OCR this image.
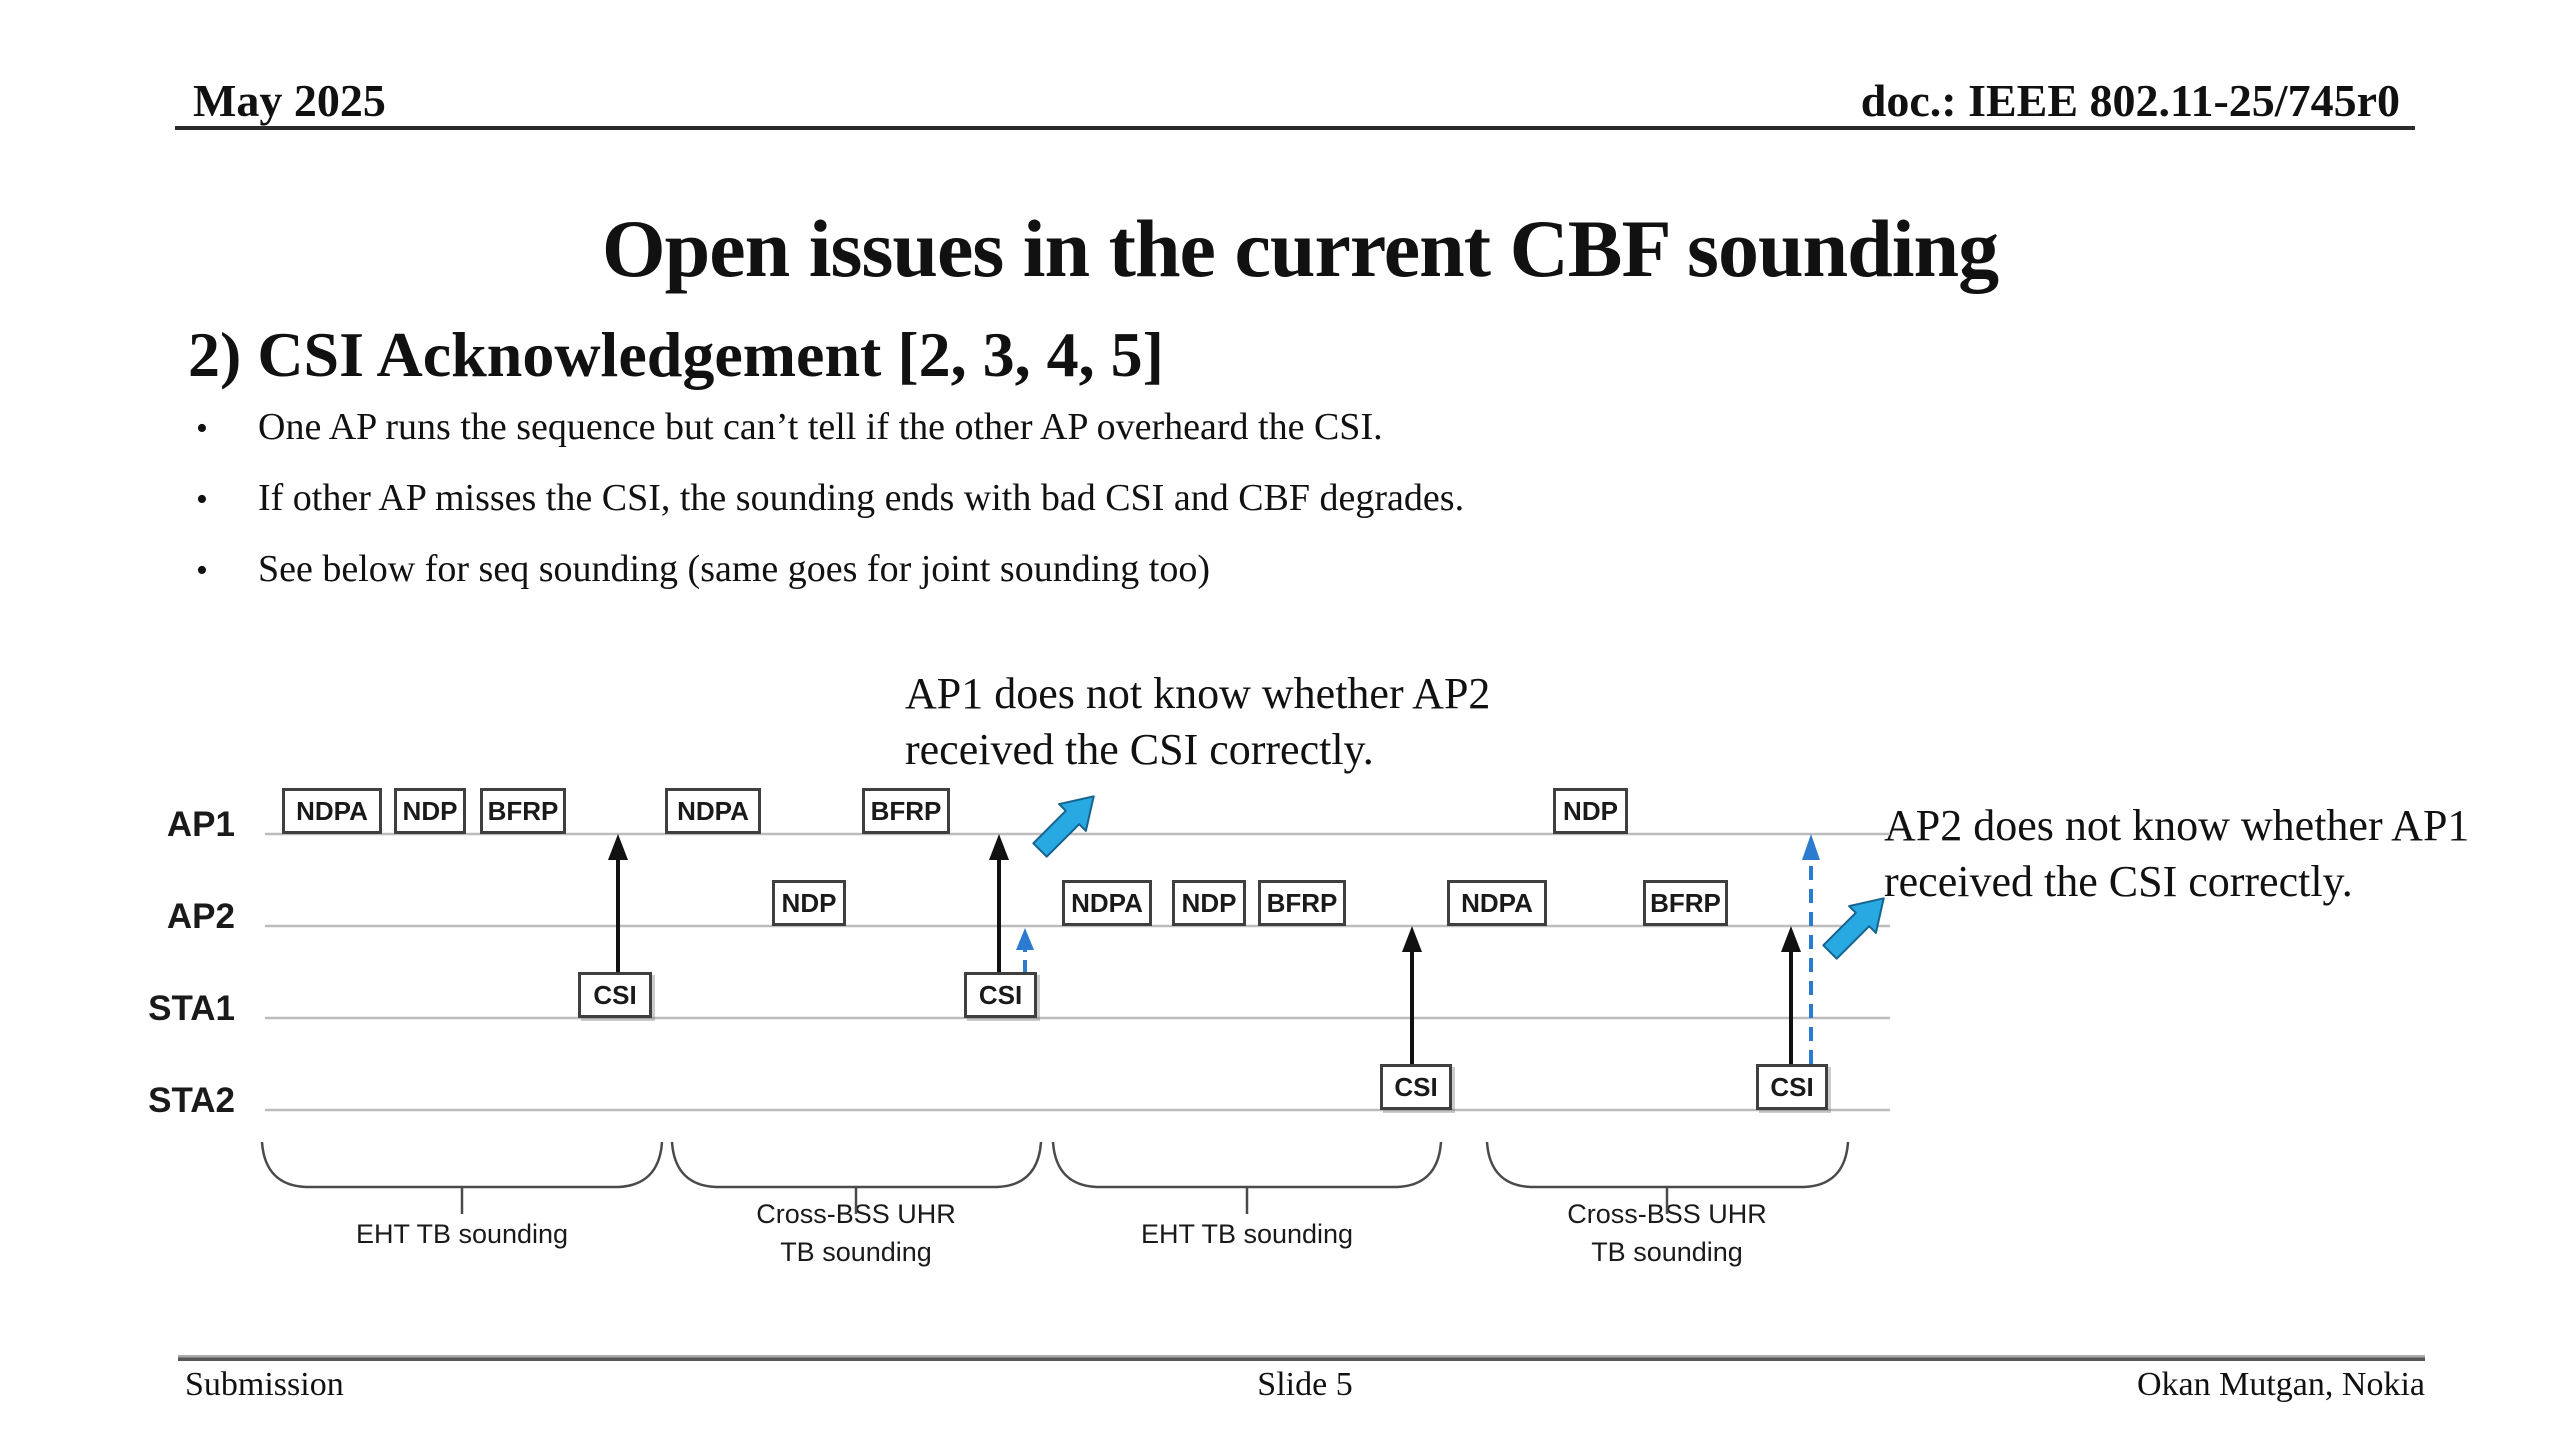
May 2025	doc.: IEEE 802.11-25/745r0
Open issues in the current CBF sounding
2) CSI Acknowledgement [2, 3, 4, 5]
•
One AP runs the sequence but can’t tell if the other AP overheard the CSI.
•
If other AP misses the CSI, the sounding ends with bad CSI and CBF degrades.
•
See below for seq sounding (same goes for joint sounding too)
AP1 does not know whether AP2
received the CSI correctly.
AP2 does not know whether AP1
received the CSI correctly.
AP1
AP2
STA1
STA2
NDPA	NDP	BFRP	NDPA
NDP
BFRP
NDPA	NDP	BFRP	NDPA
NDP
BFRP
CSI	CSI
CSI	CSI
EHT TB sounding
Cross-BSS UHR
TB sounding
EHT TB sounding
Cross-BSS UHR
TB sounding
Submission	Slide 5	Okan Mutgan, Nokia
